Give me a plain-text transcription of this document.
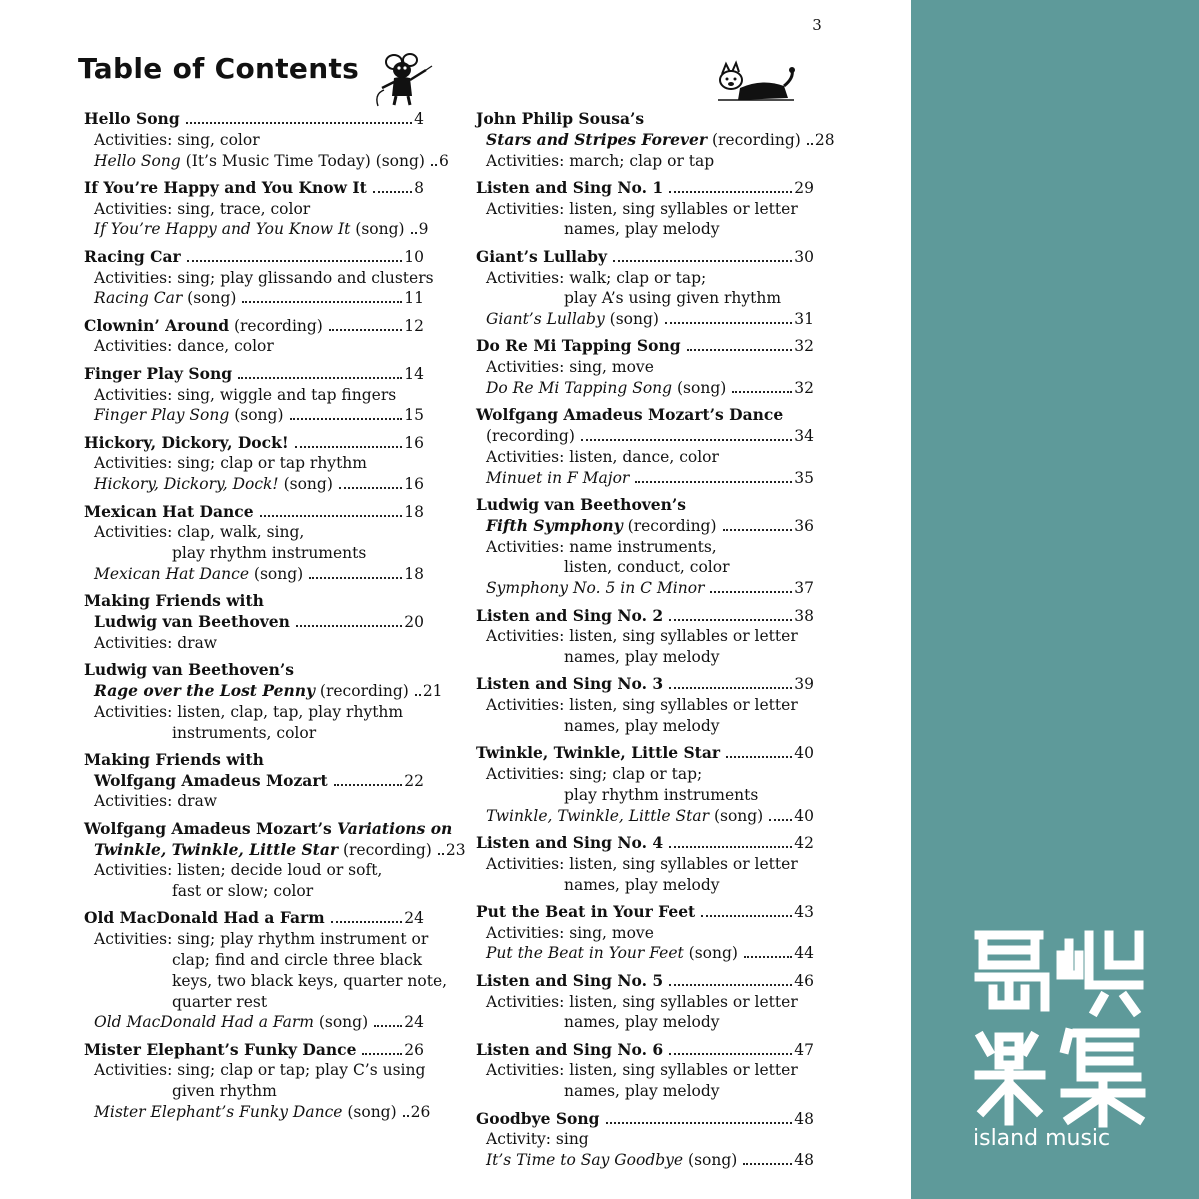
3
Table of Contents
Hello Song	4
Activities: sing, color
Hello Song (It’s Music Time Today) (song) 6
If You’re Happy and You Know It	8
Activities: sing, trace, color
If You’re Happy and You Know It (song) 9
Racing Car	10
Activities: sing; play glissando and clusters
Racing Car (song)	11
Clownin’ Around (recording)	12
Activities: dance, color
Finger Play Song	14
Activities: sing, wiggle and tap fingers
Finger Play Song (song)	15
Hickory, Dickory, Dock!	16
Activities: sing; clap or tap rhythm
Hickory, Dickory, Dock! (song)	16
Mexican Hat Dance	18
Activities: clap, walk, sing,
play rhythm instruments
Mexican Hat Dance (song)	18
Making Friends with
Ludwig van Beethoven	20
Activities: draw
Ludwig van Beethoven’s
Rage over the Lost Penny (recording) 21
Activities: listen, clap, tap, play rhythm
instruments, color
Making Friends with
Wolfgang Amadeus Mozart	22
Activities: draw
Wolfgang Amadeus Mozart’s Variations on
Twinkle, Twinkle, Little Star (recording) 23
Activities: listen; decide loud or soft,
fast or slow; color
Old MacDonald Had a Farm	24
Activities: sing; play rhythm instrument or
clap; find and circle three black
keys, two black keys, quarter note,
quarter rest
Old MacDonald Had a Farm (song) 24
Mister Elephant’s Funky Dance	26
Activities: sing; clap or tap; play C’s using
given rhythm
Mister Elephant’s Funky Dance (song) 26
John Philip Sousa’s
Stars and Stripes Forever (recording) 28
Activities: march; clap or tap
Listen and Sing No. 1	29
Activities: listen, sing syllables or letter
names, play melody
Giant’s Lullaby	30
Activities: walk; clap or tap;
play A’s using given rhythm
Giant’s Lullaby (song)	31
Do Re Mi Tapping Song	32
Activities: sing, move
Do Re Mi Tapping Song (song)	32
Wolfgang Amadeus Mozart’s Dance
(recording)	34
Activities: listen, dance, color
Minuet in F Major	35
Ludwig van Beethoven’s
Fifth Symphony (recording)	36
Activities: name instruments,
listen, conduct, color
Symphony No. 5 in C Minor	37
Listen and Sing No. 2	38
Activities: listen, sing syllables or letter
names, play melody
Listen and Sing No. 3	39
Activities: listen, sing syllables or letter
names, play melody
Twinkle, Twinkle, Little Star	40
Activities: sing; clap or tap;
play rhythm instruments
Twinkle, Twinkle, Little Star (song) 40
Listen and Sing No. 4	42
Activities: listen, sing syllables or letter
names, play melody
Put the Beat in Your Feet	43
Activities: sing, move
Put the Beat in Your Feet (song)	44
Listen and Sing No. 5	46
Activities: listen, sing syllables or letter
names, play melody
Listen and Sing No. 6	47
Activities: listen, sing syllables or letter
names, play melody
Goodbye Song	48
Activity: sing
It’s Time to Say Goodbye (song)	48
island music
